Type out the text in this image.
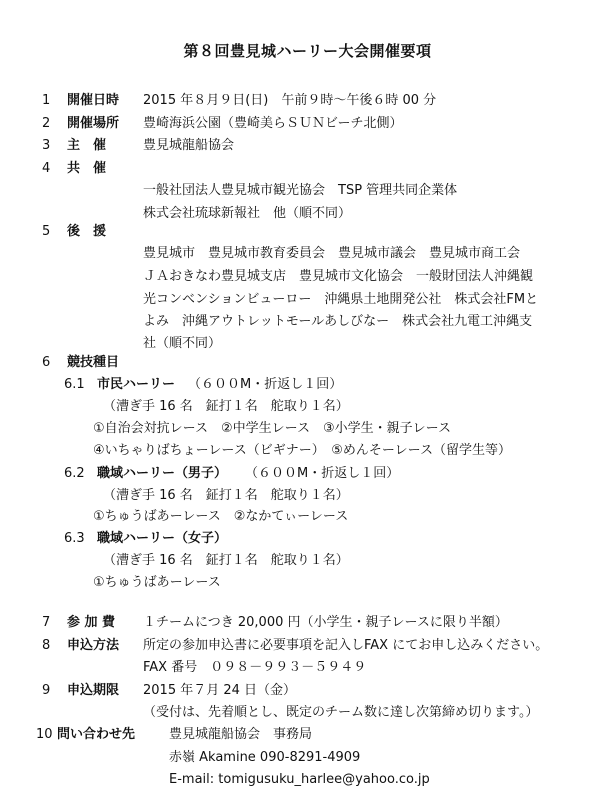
第８回豊見城ハーリー大会開催要項
1 開催日時 2015 年８月９日(日)　午前９時～午後６時 00 分
2 開催場所 豊崎海浜公園（豊崎美らＳＵＮビーチ北側）
3 主　催	豊見城龍船協会
4 共　催
一般社団法人豊見城市観光協会　TSP 管理共同企業体
株式会社琉球新報社　他（順不同）
5 後　援
豊見城市　豊見城市教育委員会　豊見城市議会　豊見城市商工会
ＪＡおきなわ豊見城支店　豊見城市文化協会　一般財団法人沖縄観
光コンベンションビューロー　沖縄県土地開発公社　株式会社FMと
よみ　沖縄アウトレットモールあしびなー　株式会社九電工沖縄支
社（順不同）
6 競技種目
6.1 市民ハーリー （６００M・折返し１回）
（漕ぎ手 16 名　鉦打１名　舵取り１名）
①自治会対抗レース　②中学生レース　③小学生・親子レース
④いちゃりばちょーレース（ビギナー）　⑤めんそーレース（留学生等）
6.2 職域ハーリー（男子） （６００M・折返し１回）
（漕ぎ手 16 名　鉦打１名　舵取り１名）
①ちゅうばあーレース　②なかてぃーレース
6.3 職域ハーリー（女子）
（漕ぎ手 16 名　鉦打１名　舵取り１名）
①ちゅうばあーレース
7 参 加 費 １チームにつき 20,000 円（小学生・親子レースに限り半額）
8 申込方法 所定の参加申込書に必要事項を記入しFAX にてお申し込みください。
FAX 番号　０９８－９９３－５９４９
9 申込期限 2015 年７月 24 日（金）
（受付は、先着順とし、既定のチーム数に達し次第締め切ります。）
10 問い合わせ先	豊見城龍船協会　事務局
赤嶺 Akamine 090-8291-4909
E-mail: tomigusuku_harlee@yahoo.co.jp
